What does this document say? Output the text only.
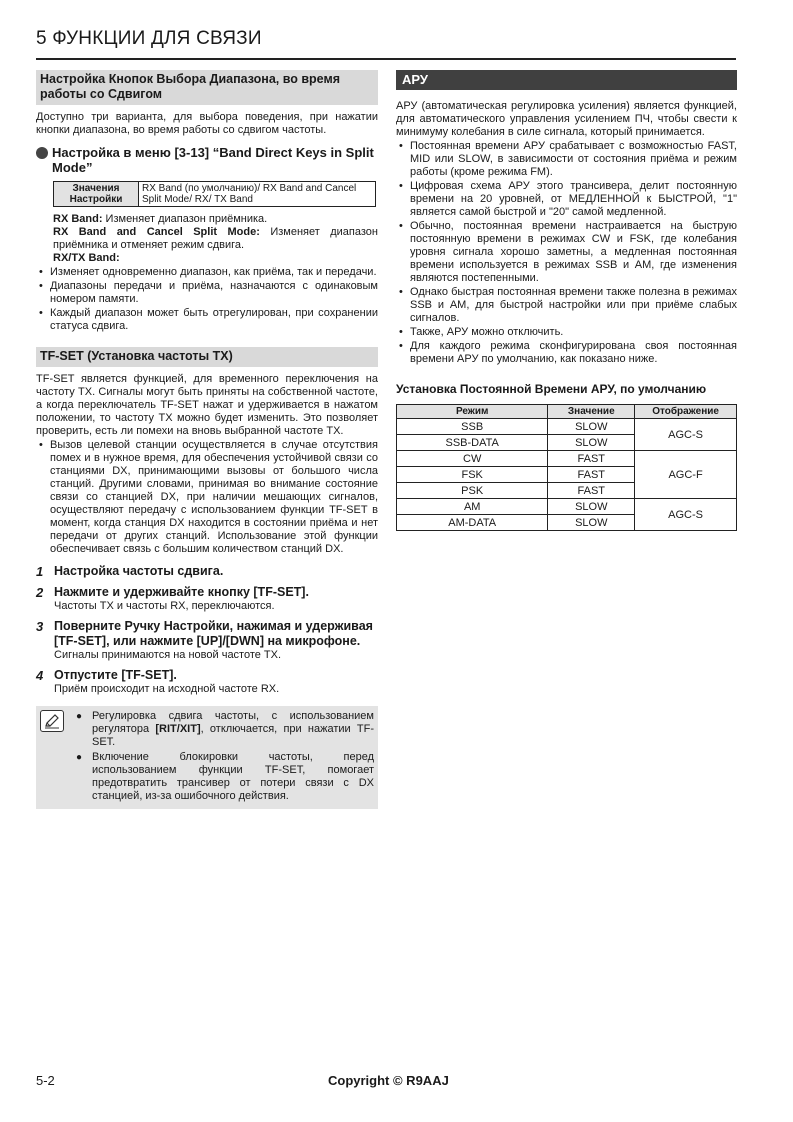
5 ФУНКЦИИ ДЛЯ СВЯЗИ
Настройка Кнопок Выбора Диапазона, во время работы со Сдвигом

Доступно три варианта, для выбора поведения, при нажатии кнопки диапазона, во время работы со сдвигом частоты.

Настройка в меню [3-13] “Band Direct Keys in Split Mode”
Значения Настройки	RX Band (по умолчанию)/ RX Band and Cancel Split Mode/ RX/ TX Band

RX Band: Изменяет диапазон приёмника.

RX Band and Cancel Split Mode: Изменяет диапазон приёмника и отменяет режим сдвига.

RX/TX Band:

• Изменяет одновременно диапазон, как приёма, так и передачи.
• Диапазоны передачи и приёма, назначаются с одинаковым номером памяти.
• Каждый диапазон может быть отрегулирован, при сохранении статуса сдвига.
TF-SET (Установка частоты TX)

TF-SET является функцией, для временного переключения на частоту TX. Сигналы могут быть приняты на собственной частоте, а когда переключатель TF-SET нажат и удерживается в нажатом положении, то частоту TX можно будет изменить. Это позволяет проверить, есть ли помехи на вновь выбранной частоте TX.

• Вызов целевой станции осуществляется в случае отсутствия помех и в нужное время, для обеспечения устойчивой связи со станциями DX, принимающими вызовы от большого числа станций. Другими словами, принимая во внимание состояние связи со станцией DX, при наличии мешающих сигналов, осуществляют передачу с использованием функции TF-SET в момент, когда станция DX находится в состоянии приёма и нет передачи от других станций. Использование этой функции обеспечивает связь с большим количеством станций DX.
1 Настройка частоты сдвига.
2 Нажмите и удерживайте кнопку [TF-SET].
Частоты TX и частоты RX, переключаются.
3 Поверните Ручку Настройки, нажимая и удерживая [TF-SET], или нажмите [UP]/[DWN] на микрофоне.
Сигналы принимаются на новой частоте TX.
4 Отпустите [TF-SET].
Приём происходит на исходной частоте RX.
● Регулировка сдвига частоты, с использованием регулятора [RIT/XIT], отключается, при нажатии TF-SET.
● Включение блокировки частоты, перед использованием функции TF-SET, помогает предотвратить трансивер от потери связи с DX станцией, из-за ошибочного действия.
АРУ

АРУ (автоматическая регулировка усиления) является функцией, для автоматического управления усилением ПЧ, чтобы свести к минимуму колебания в силе сигнала, который принимается.

• Постоянная времени АРУ срабатывает с возможностью FAST, MID или SLOW, в зависимости от состояния приёма и режим работы (кроме режима FM).
• Цифровая схема АРУ этого трансивера, делит постоянную времени на 20 уровней, от МЕДЛЕННОЙ к БЫСТРОЙ, "1" является самой быстрой и "20" самой медленной.
• Обычно, постоянная времени настраивается на быструю постоянную времени в режимах CW и FSK, где колебания уровня сигнала хорошо заметны, а медленная постоянная времени используется в режимах SSB и AM, где изменения являются постепенными.
• Однако быстрая постоянная времени также полезна в режимах SSB и AM, для быстрой настройки или при приёме слабых сигналов.
• Также, АРУ можно отключить.
• Для каждого режима сконфигурирована своя постоянная времени АРУ по умолчанию, как показано ниже.
Установка Постоянной Времени АРУ, по умолчанию
Режим	Значение	Отображение
SSB	SLOW	AGC-S
SSB-DATA	SLOW	
CW	FAST	AGC-F
FSK	FAST	
PSK	FAST	
AM	SLOW	AGC-S
AM-DATA	SLOW	
5-2	Copyright © R9AAJ
